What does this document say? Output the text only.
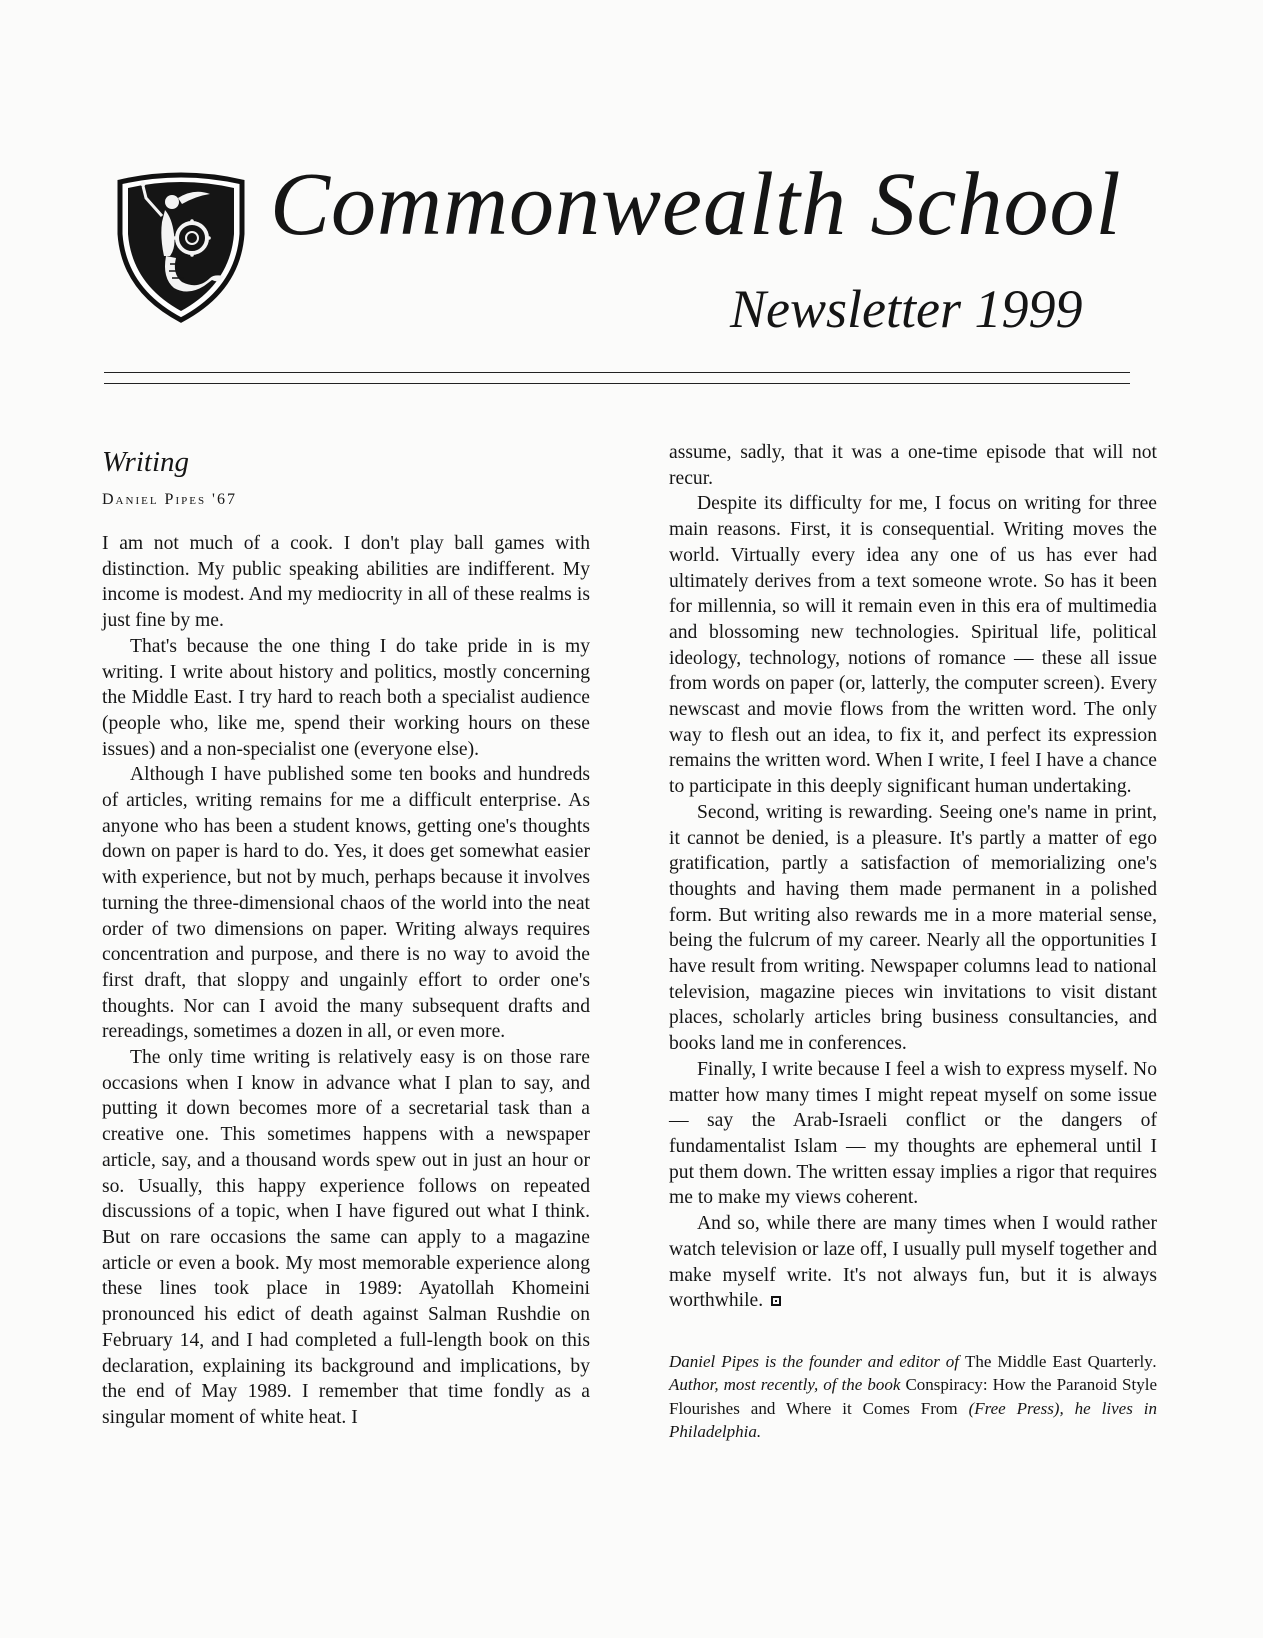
Commonwealth School
Newsletter 1999
Writing
Daniel Pipes '67

I am not much of a cook. I don't play ball games with distinction. My public speaking abilities are indifferent. My income is modest. And my mediocrity in all of these realms is just fine by me.

That's because the one thing I do take pride in is my writing. I write about history and politics, mostly concerning the Middle East. I try hard to reach both a specialist audience (people who, like me, spend their working hours on these issues) and a non-specialist one (everyone else).

Although I have published some ten books and hundreds of articles, writing remains for me a difficult enterprise. As anyone who has been a student knows, getting one's thoughts down on paper is hard to do. Yes, it does get somewhat easier with experience, but not by much, perhaps because it involves turning the three-dimensional chaos of the world into the neat order of two dimensions on paper. Writing always requires concentration and purpose, and there is no way to avoid the first draft, that sloppy and ungainly effort to order one's thoughts. Nor can I avoid the many subsequent drafts and rereadings, sometimes a dozen in all, or even more.

The only time writing is relatively easy is on those rare occasions when I know in advance what I plan to say, and putting it down becomes more of a secretarial task than a creative one. This sometimes happens with a newspaper article, say, and a thousand words spew out in just an hour or so. Usually, this happy experience follows on repeated discussions of a topic, when I have figured out what I think. But on rare occasions the same can apply to a magazine article or even a book. My most memorable experience along these lines took place in 1989: Ayatollah Khomeini pronounced his edict of death against Salman Rushdie on February 14, and I had completed a full-length book on this declaration, explaining its background and implications, by the end of May 1989. I remember that time fondly as a singular moment of white heat. I

assume, sadly, that it was a one-time episode that will not recur.

Despite its difficulty for me, I focus on writing for three main reasons. First, it is consequential. Writing moves the world. Virtually every idea any one of us has ever had ultimately derives from a text someone wrote. So has it been for millennia, so will it remain even in this era of multimedia and blossoming new technologies. Spiritual life, political ideology, technology, notions of romance — these all issue from words on paper (or, latterly, the computer screen). Every newscast and movie flows from the written word. The only way to flesh out an idea, to fix it, and perfect its expression remains the written word. When I write, I feel I have a chance to participate in this deeply significant human undertaking.

Second, writing is rewarding. Seeing one's name in print, it cannot be denied, is a pleasure. It's partly a matter of ego gratification, partly a satisfaction of memorializing one's thoughts and having them made permanent in a polished form. But writing also rewards me in a more material sense, being the fulcrum of my career. Nearly all the opportunities I have result from writing. Newspaper columns lead to national television, magazine pieces win invitations to visit distant places, scholarly articles bring business consultancies, and books land me in conferences.

Finally, I write because I feel a wish to express myself. No matter how many times I might repeat myself on some issue — say the Arab-Israeli conflict or the dangers of fundamentalist Islam — my thoughts are ephemeral until I put them down. The written essay implies a rigor that requires me to make my views coherent.

And so, while there are many times when I would rather watch television or laze off, I usually pull myself together and make myself write. It's not always fun, but it is always worthwhile.

Daniel Pipes is the founder and editor of The Middle East Quarterly. Author, most recently, of the book Conspiracy: How the Paranoid Style Flourishes and Where it Comes From (Free Press), he lives in Philadelphia.
